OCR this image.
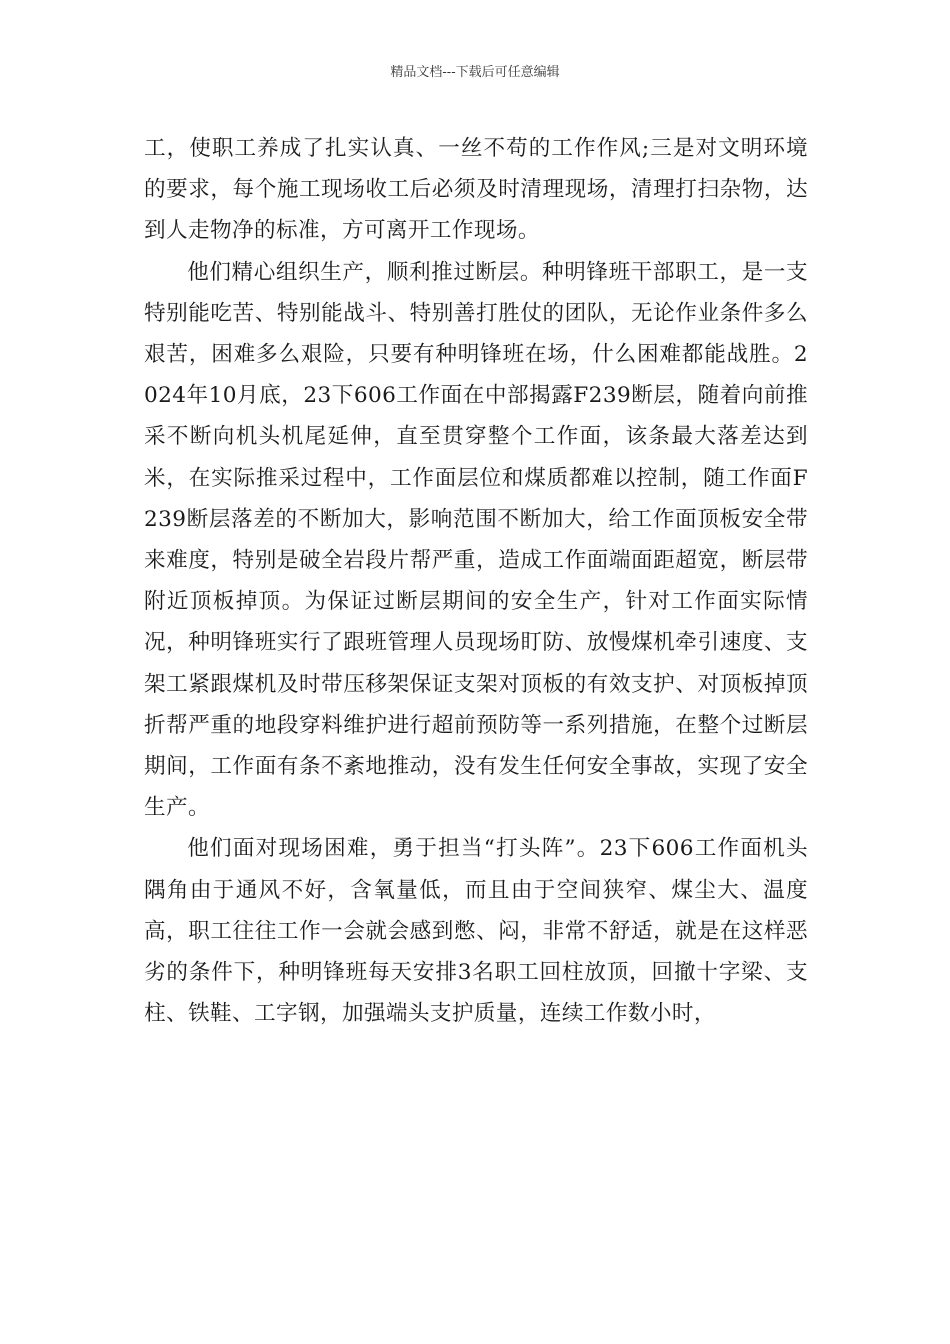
精品文档---下载后可任意编辑

工，使职工养成了扎实认真、一丝不苟的工作作风;三是对文明环境的要求，每个施工现场收工后必须及时清理现场，清理打扫杂物，达到人走物净的标准，方可离开工作现场。

他们精心组织生产，顺利推过断层。种明锋班干部职工，是一支特别能吃苦、特别能战斗、特别善打胜仗的团队，无论作业条件多么艰苦，困难多么艰险，只要有种明锋班在场，什么困难都能战胜。2024年10月底，23下606工作面在中部揭露F239断层，随着向前推采不断向机头机尾延伸，直至贯穿整个工作面，该条最大落差达到米，在实际推采过程中，工作面层位和煤质都难以控制，随工作面F239断层落差的不断加大，影响范围不断加大，给工作面顶板安全带来难度，特别是破全岩段片帮严重，造成工作面端面距超宽，断层带附近顶板掉顶。为保证过断层期间的安全生产，针对工作面实际情况，种明锋班实行了跟班管理人员现场盯防、放慢煤机牵引速度、支架工紧跟煤机及时带压移架保证支架对顶板的有效支护、对顶板掉顶折帮严重的地段穿料维护进行超前预防等一系列措施，在整个过断层期间，工作面有条不紊地推动，没有发生任何安全事故，实现了安全生产。

他们面对现场困难，勇于担当“打头阵”。23下606工作面机头隅角由于通风不好，含氧量低，而且由于空间狭窄、煤尘大、温度高，职工往往工作一会就会感到憋、闷，非常不舒适，就是在这样恶劣的条件下，种明锋班每天安排3名职工回柱放顶，回撤十字梁、支柱、铁鞋、工字钢，加强端头支护质量，连续工作数小时，
